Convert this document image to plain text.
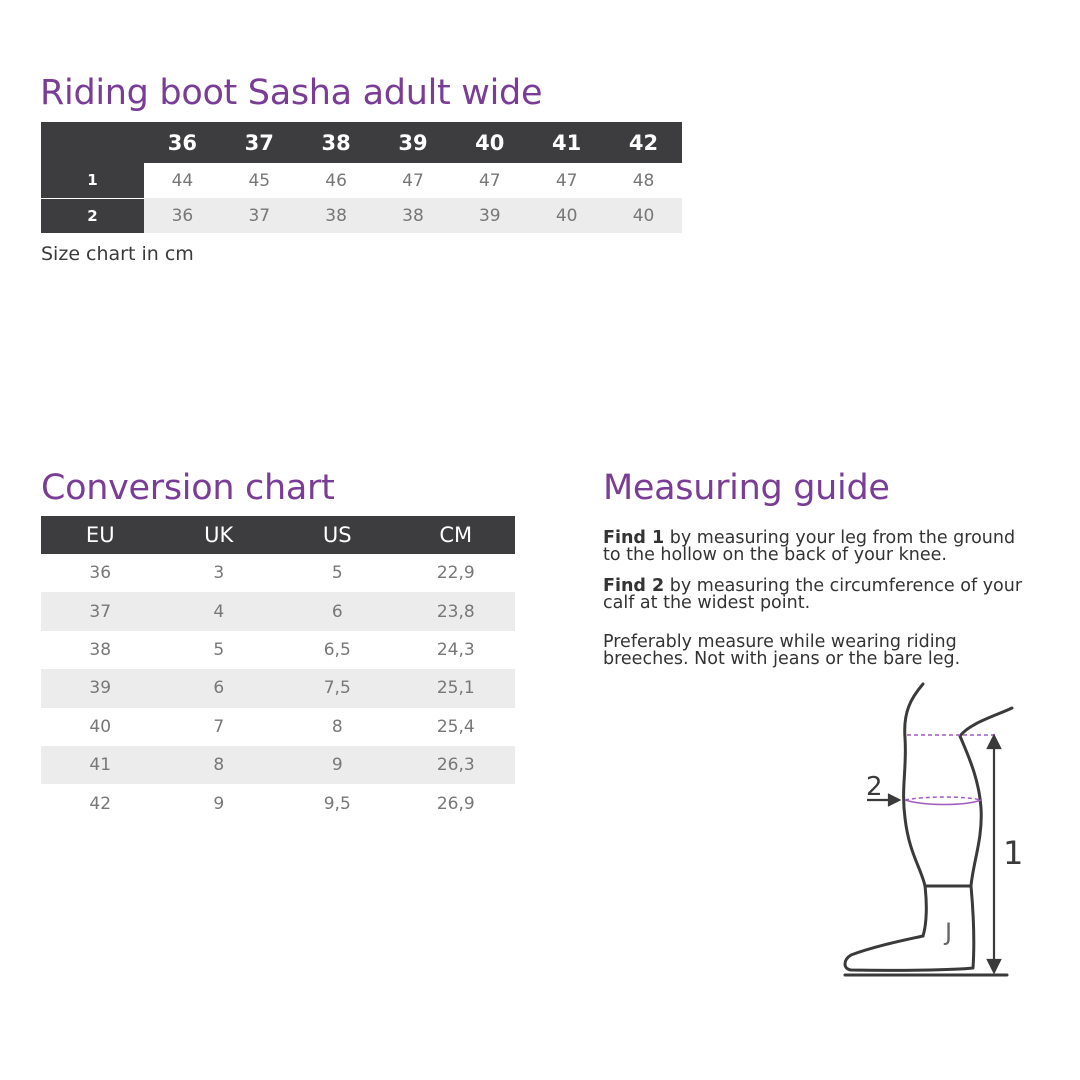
Riding boot Sasha adult wide
	36	37	38	39	40	41	42
1	44	45	46	47	47	47	48
2	36	37	38	38	39	40	40
Size chart in cm
Conversion chart
EU	UK	US	CM
36	3	5	22,9
37	4	6	23,8
38	5	6,5	24,3
39	6	7,5	25,1
40	7	8	25,4
41	8	9	26,3
42	9	9,5	26,9
Measuring guide

Find 1 by measuring your leg from the ground to the hollow on the back of your knee.

Find 2 by measuring the circumference of your calf at the widest point.

Preferably measure while wearing riding breeches. Not with jeans or the bare leg.

2
1
J
